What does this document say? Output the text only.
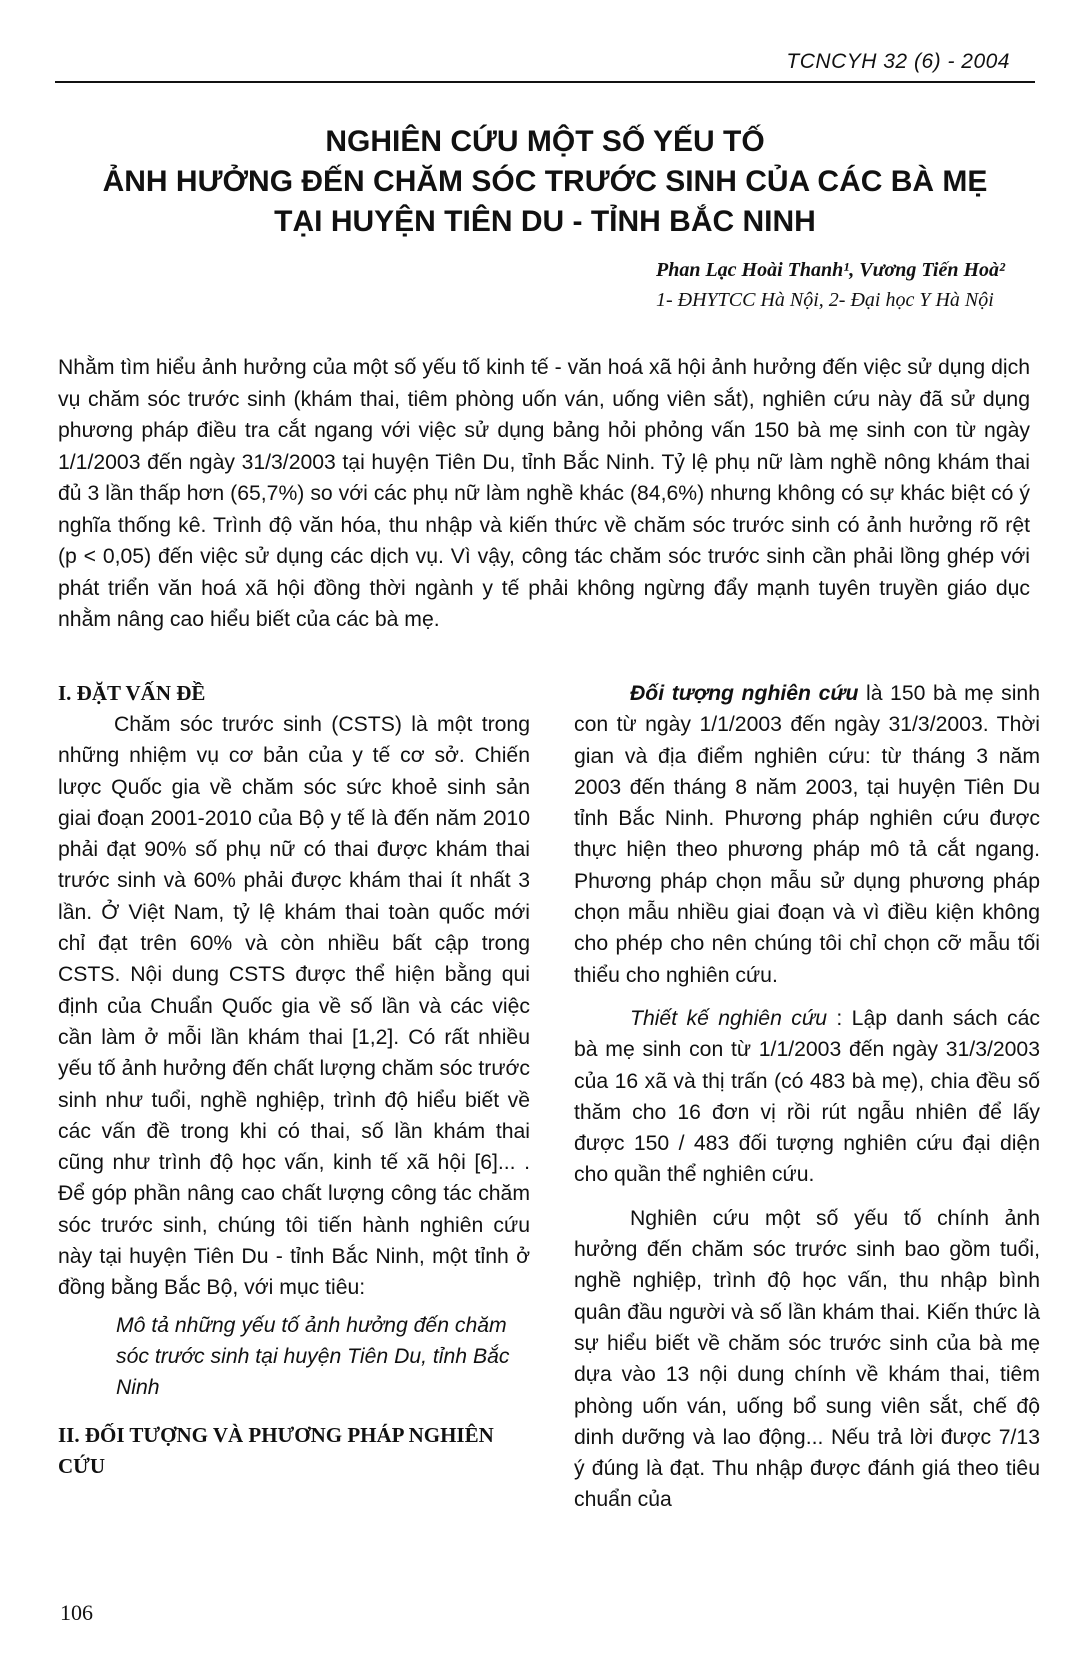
TCNCYH 32 (6) - 2004
NGHIÊN CỨU MỘT SỐ YẾU TỐ
ẢNH HƯỞNG ĐẾN CHĂM SÓC TRƯỚC SINH CỦA CÁC BÀ MẸ
TẠI HUYỆN TIÊN DU - TỈNH BẮC NINH
Phan Lạc Hoài Thanh¹, Vương Tiến Hoà²
1- ĐHYTCC Hà Nội, 2- Đại học Y Hà Nội

Nhằm tìm hiểu ảnh hưởng của một số yếu tố kinh tế - văn hoá xã hội ảnh hưởng đến việc sử dụng dịch vụ chăm sóc trước sinh (khám thai, tiêm phòng uốn ván, uống viên sắt), nghiên cứu này đã sử dụng phương pháp điều tra cắt ngang với việc sử dụng bảng hỏi phỏng vấn 150 bà mẹ sinh con từ ngày 1/1/2003 đến ngày 31/3/2003 tại huyện Tiên Du, tỉnh Bắc Ninh. Tỷ lệ phụ nữ làm nghề nông khám thai đủ 3 lần thấp hơn (65,7%) so với các phụ nữ làm nghề khác (84,6%) nhưng không có sự khác biệt có ý nghĩa thống kê. Trình độ văn hóa, thu nhập và kiến thức về chăm sóc trước sinh có ảnh hưởng rõ rệt (p < 0,05) đến việc sử dụng các dịch vụ. Vì vậy, công tác chăm sóc trước sinh cần phải lồng ghép với phát triển văn hoá xã hội đồng thời ngành y tế phải không ngừng đẩy mạnh tuyên truyền giáo dục nhằm nâng cao hiểu biết của các bà mẹ.

I. ĐẶT VẤN ĐỀ

Chăm sóc trước sinh (CSTS) là một trong những nhiệm vụ cơ bản của y tế cơ sở. Chiến lược Quốc gia về chăm sóc sức khoẻ sinh sản giai đoạn 2001-2010 của Bộ y tế là đến năm 2010 phải đạt 90% số phụ nữ có thai được khám thai trước sinh và 60% phải được khám thai ít nhất 3 lần. Ở Việt Nam, tỷ lệ khám thai toàn quốc mới chỉ đạt trên 60% và còn nhiều bất cập trong CSTS. Nội dung CSTS được thể hiện bằng qui định của Chuẩn Quốc gia về số lần và các việc cần làm ở mỗi lần khám thai [1,2]. Có rất nhiều yếu tố ảnh hưởng đến chất lượng chăm sóc trước sinh như tuổi, nghề nghiệp, trình độ hiểu biết về các vấn đề trong khi có thai, số lần khám thai cũng như trình độ học vấn, kinh tế xã hội [6]... . Để góp phần nâng cao chất lượng công tác chăm sóc trước sinh, chúng tôi tiến hành nghiên cứu này tại huyện Tiên Du - tỉnh Bắc Ninh, một tỉnh ở đồng bằng Bắc Bộ, với mục tiêu:

Mô tả những yếu tố ảnh hưởng đến chăm sóc trước sinh tại huyện Tiên Du, tỉnh Bắc Ninh

II. ĐỐI TƯỢNG VÀ PHƯƠNG PHÁP NGHIÊN CỨU

Đối tượng nghiên cứu là 150 bà mẹ sinh con từ ngày 1/1/2003 đến ngày 31/3/2003. Thời gian và địa điểm nghiên cứu: từ tháng 3 năm 2003 đến tháng 8 năm 2003, tại huyện Tiên Du tỉnh Bắc Ninh. Phương pháp nghiên cứu được thực hiện theo phương pháp mô tả cắt ngang. Phương pháp chọn mẫu sử dụng phương pháp chọn mẫu nhiều giai đoạn và vì điều kiện không cho phép cho nên chúng tôi chỉ chọn cỡ mẫu tối thiểu cho nghiên cứu.

Thiết kế nghiên cứu : Lập danh sách các bà mẹ sinh con từ 1/1/2003 đến ngày 31/3/2003 của 16 xã và thị trấn (có 483 bà mẹ), chia đều số thăm cho 16 đơn vị rồi rút ngẫu nhiên để lấy được 150 / 483 đối tượng nghiên cứu đại diện cho quần thể nghiên cứu.

Nghiên cứu một số yếu tố chính ảnh hưởng đến chăm sóc trước sinh bao gồm tuổi, nghề nghiệp, trình độ học vấn, thu nhập bình quân đầu người và số lần khám thai. Kiến thức là sự hiểu biết về chăm sóc trước sinh của bà mẹ dựa vào 13 nội dung chính về khám thai, tiêm phòng uốn ván, uống bổ sung viên sắt, chế độ dinh dưỡng và lao động... Nếu trả lời được 7/13 ý đúng là đạt. Thu nhập được đánh giá theo tiêu chuẩn của

106
